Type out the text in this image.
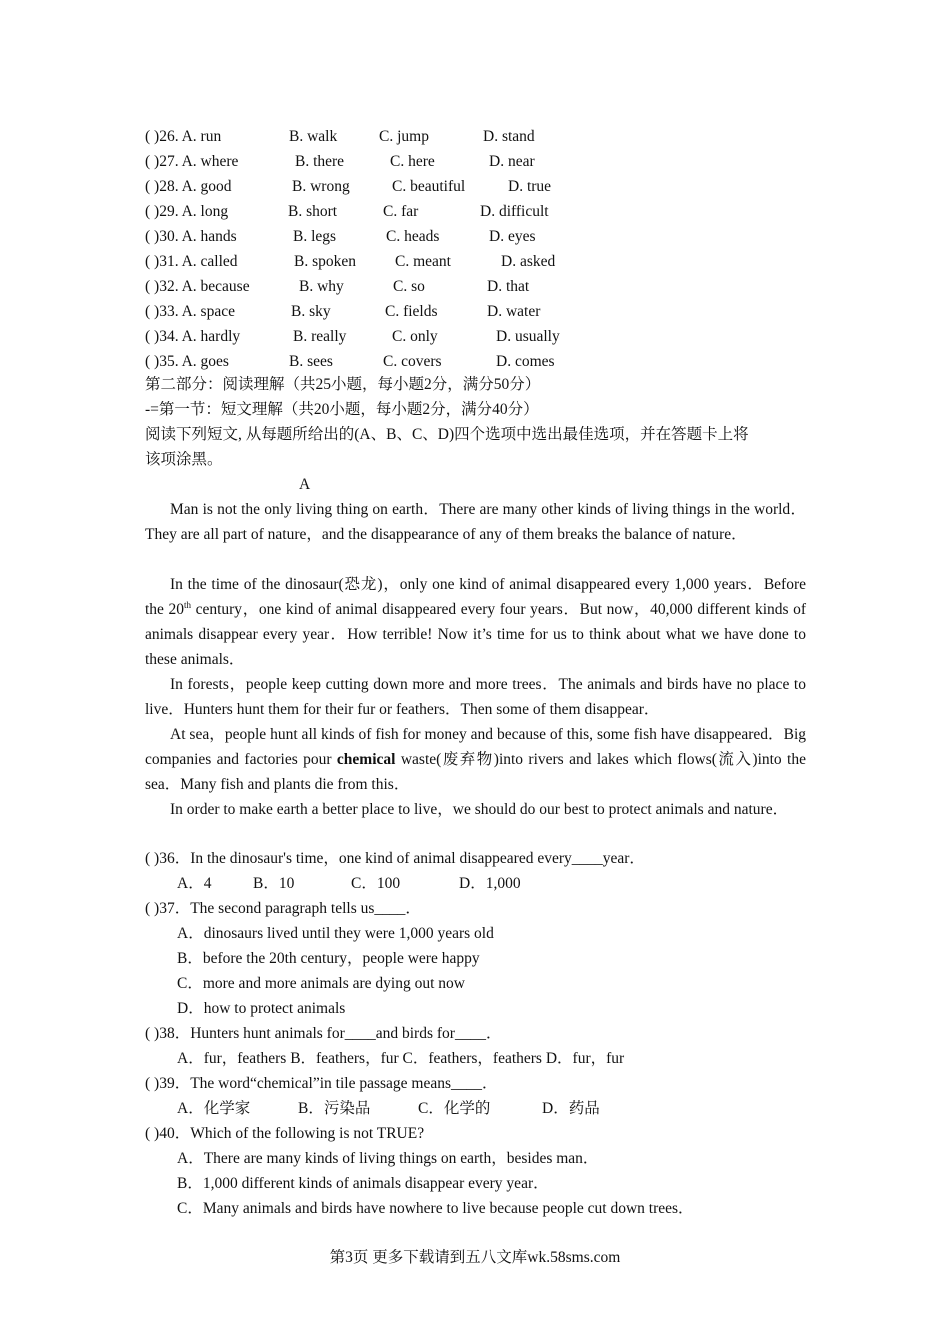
( )26. A. run	B. walk	C. jump	D. stand
( )27. A. where	B. there	C. here	D. near
( )28. A. good	B. wrong	C. beautiful	D. true
( )29. A. long	B. short	C. far	D. difficult
( )30. A. hands	B. legs	C. heads	D. eyes
( )31. A. called	B. spoken	C. meant	D. asked
( )32. A. because	B. why	C. so	D. that
( )33. A. space	B. sky	C. fields	D. water
( )34. A. hardly	B. really	C. only	D. usually
( )35. A. goes	B. sees	C. covers	D. comes
第二部分：阅读理解（共25小题，每小题2分，满分50分）
-=第一节：短文理解（共20小题，每小题2分，满分40分）
阅读下列短文, 从每题所给出的(A、B、C、D)四个选项中选出最佳选项，并在答题卡上将
该项涂黑。
A
Man is not the only living thing on earth．There are many other kinds of living things in the world．They are all part of nature，and the disappearance of any of them breaks the balance of nature．
In the time of the dinosaur(恐龙)，only one kind of animal disappeared every 1,000 years．Before the 20th century，one kind of animal disappeared every four years．But now，40,000 different kinds of animals disappear every year．How terrible! Now it’s time for us to think about what we have done to these animals．
In forests，people keep cutting down more and more trees．The animals and birds have no place to live．Hunters hunt them for their fur or feathers．Then some of them disappear．
At sea，people hunt all kinds of fish for money and because of this, some fish have disappeared．Big companies and factories pour chemical waste(废弃物)into rivers and lakes which flows(流入)into the sea．Many fish and plants die from this．
In order to make earth a better place to live，we should do our best to protect animals and nature．
( )36．In the dinosaur's time，one kind of animal disappeared every____year．
A．4	B．10	C．100	D．1,000
( )37．The second paragraph tells us____．
A．dinosaurs lived until they were 1,000 years old
B．before the 20th century，people were happy
C．more and more animals are dying out now
D．how to protect animals
( )38．Hunters hunt animals for____and birds for____．
A．fur，feathers B．feathers，fur C．feathers，feathers D．fur，fur
( )39．The word“chemical”in tile passage means____．
A．化学家	B．污染品	C．化学的	D．药品
( )40．Which of the following is not TRUE?
A．There are many kinds of living things on earth，besides man．
B．1,000 different kinds of animals disappear every year．
C．Many animals and birds have nowhere to live because people cut down trees．
第3页 更多下载请到五八文库wk.58sms.com
